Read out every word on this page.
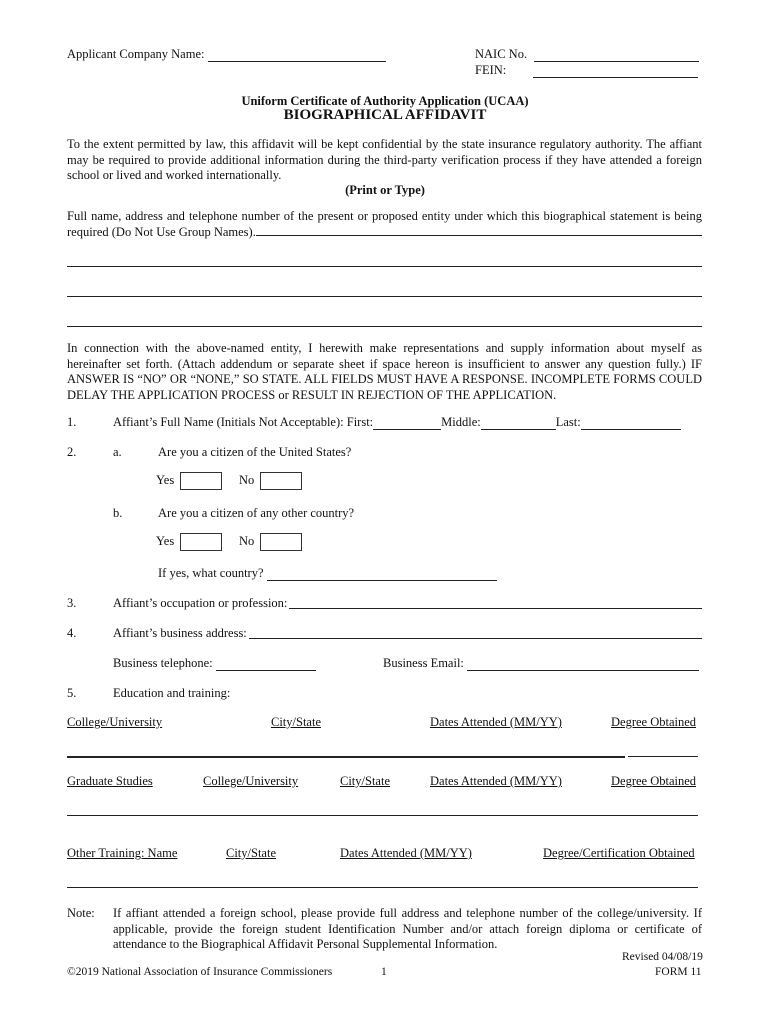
Applicant Company Name:	NAIC No.
FEIN:
Uniform Certificate of Authority Application (UCAA)
BIOGRAPHICAL AFFIDAVIT
To the extent permitted by law, this affidavit will be kept confidential by the state insurance regulatory authority. The affiant may be required to provide additional information during the third-party verification process if they have attended a foreign school or lived and worked internationally.
(Print or Type)
Full name, address and telephone number of the present or proposed entity under which this biographical statement is being required (Do Not Use Group Names).
In connection with the above-named entity, I herewith make representations and supply information about myself as hereinafter set forth. (Attach addendum or separate sheet if space hereon is insufficient to answer any question fully.) IF ANSWER IS “NO” OR “NONE,” SO STATE. ALL FIELDS MUST HAVE A RESPONSE. INCOMPLETE FORMS COULD DELAY THE APPLICATION PROCESS or RESULT IN REJECTION OF THE APPLICATION.
1.	Affiant’s Full Name (Initials Not Acceptable): First:	Middle:	Last:
2.	a.	Are you a citizen of the United States?
Yes	No
b.	Are you a citizen of any other country?
Yes	No
If yes, what country?
3.	Affiant’s occupation or profession:
4.	Affiant’s business address:
Business telephone:	Business Email:
5.	Education and training:
College/University	City/State	Dates Attended (MM/YY)	Degree Obtained
Graduate Studies	College/University	City/State	Dates Attended (MM/YY)	Degree Obtained
Other Training: Name	City/State	Dates Attended (MM/YY)	Degree/Certification Obtained
Note: If affiant attended a foreign school, please provide full address and telephone number of the college/university. If applicable, provide the foreign student Identification Number and/or attach foreign diploma or certificate of attendance to the Biographical Affidavit Personal Supplemental Information.
Revised 04/08/19
©2019 National Association of Insurance Commissioners	1	FORM 11
